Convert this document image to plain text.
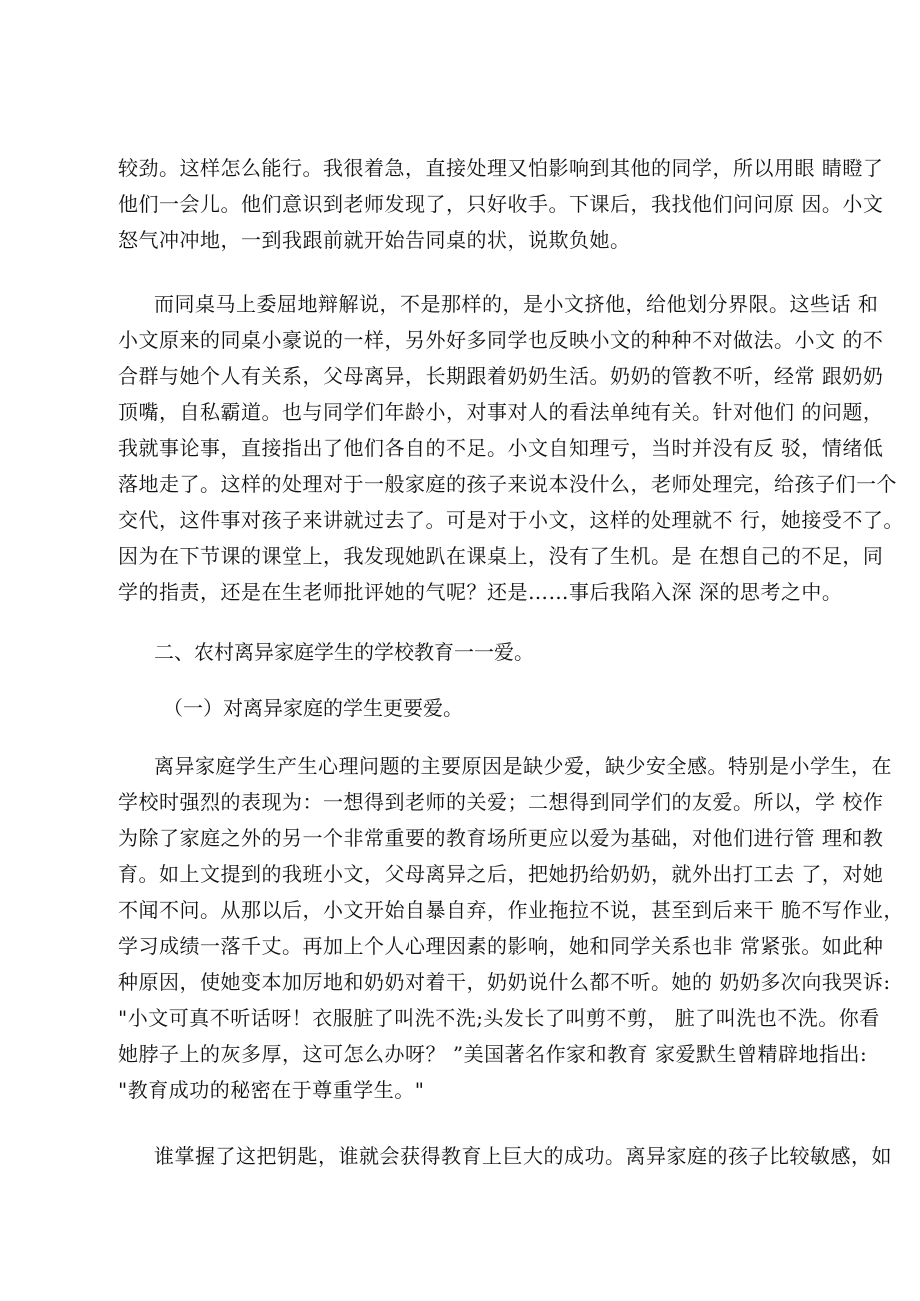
较劲。这样怎么能行。我很着急，直接处理又怕影响到其他的同学，所以用眼 睛瞪了
他们一会儿。他们意识到老师发现了，只好收手。下课后，我找他们问问原 因。小文
怒气冲冲地，一到我跟前就开始告同桌的状，说欺负她。
而同桌马上委屈地辩解说，不是那样的，是小文挤他，给他划分界限。这些话 和
小文原来的同桌小豪说的一样，另外好多同学也反映小文的种种不对做法。小文 的不
合群与她个人有关系，父母离异，长期跟着奶奶生活。奶奶的管教不听，经常 跟奶奶
顶嘴，自私霸道。也与同学们年龄小，对事对人的看法单纯有关。针对他们 的问题，
我就事论事，直接指出了他们各自的不足。小文自知理亏，当时并没有反 驳，情绪低
落地走了。这样的处理对于一般家庭的孩子来说本没什么，老师处理完，给孩子们一个
交代，这件事对孩子来讲就过去了。可是对于小文，这样的处理就不 行，她接受不了。
因为在下节课的课堂上，我发现她趴在课桌上，没有了生机。是 在想自己的不足，同
学的指责，还是在生老师批评她的气呢？还是……事后我陷入深 深的思考之中。
二、农村离异家庭学生的学校教育一一爱。
（一）对离异家庭的学生更要爱。
离异家庭学生产生心理问题的主要原因是缺少爱，缺少安全感。特别是小学生，在
学校时强烈的表现为：一想得到老师的关爱；二想得到同学们的友爱。所以，学 校作
为除了家庭之外的另一个非常重要的教育场所更应以爱为基础，对他们进行管 理和教
育。如上文提到的我班小文，父母离异之后，把她扔给奶奶，就外出打工去 了，对她
不闻不问。从那以后，小文开始自暴自弃，作业拖拉不说，甚至到后来干 脆不写作业，
学习成绩一落千丈。再加上个人心理因素的影响，她和同学关系也非 常紧张。如此种
种原因，使她变本加厉地和奶奶对着干，奶奶说什么都不听。她的 奶奶多次向我哭诉:
"小文可真不听话呀！衣服脏了叫洗不洗;头发长了叫剪不剪， 脏了叫洗也不洗。你看
她脖子上的灰多厚，这可怎么办呀？ ”美国著名作家和教育 家爱默生曾精辟地指出:
"教育成功的秘密在于尊重学生。"
谁掌握了这把钥匙，谁就会获得教育上巨大的成功。离异家庭的孩子比较敏感，如
